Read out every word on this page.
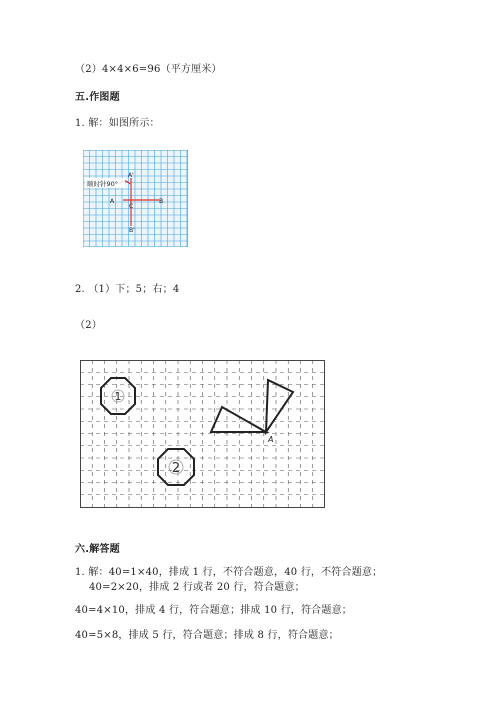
（2）4×4×6=96（平方厘米）
五.作图题
1. 解：如图所示：
顺时针90°
A'
A
C
B
B'
2. （1）下；5；右；4
（2）
1
2
A
六.解答题
1. 解：40=1×40，排成 1 行，不符合题意，40 行，不符合题意；
40=2×20，排成 2 行或者 20 行，符合题意；
40=4×10，排成 4 行，符合题意；排成 10 行，符合题意；
40=5×8，排成 5 行，符合题意；排成 8 行，符合题意；
